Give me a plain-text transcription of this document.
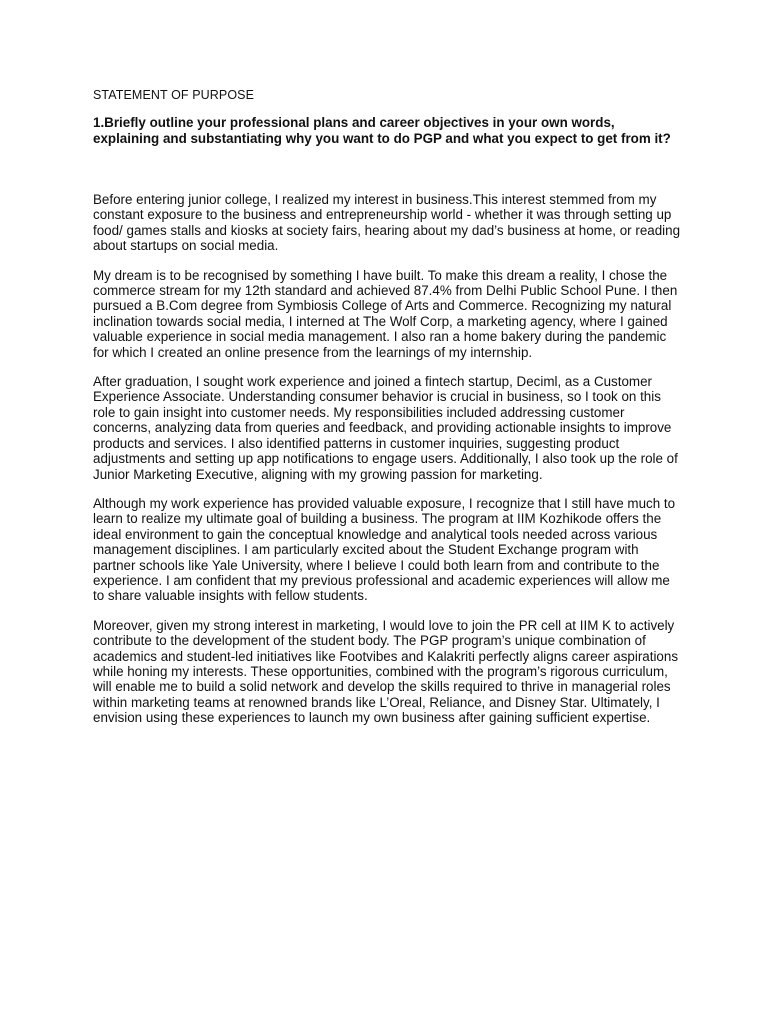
STATEMENT OF PURPOSE

1.Briefly outline your professional plans and career objectives in your own words, explaining and substantiating why you want to do PGP and what you expect to get from it?

Before entering junior college, I realized my interest in business.This interest stemmed from my constant exposure to the business and entrepreneurship world - whether it was through setting up food/ games stalls and kiosks at society fairs, hearing about my dad’s business at home, or reading about startups on social media.

My dream is to be recognised by something I have built. To make this dream a reality, I chose the commerce stream for my 12th standard and achieved 87.4% from Delhi Public School Pune. I then pursued a B.Com degree from Symbiosis College of Arts and Commerce. Recognizing my natural inclination towards social media, I interned at The Wolf Corp, a marketing agency, where I gained valuable experience in social media management. I also ran a home bakery during the pandemic for which I created an online presence from the learnings of my internship.

After graduation, I sought work experience and joined a fintech startup, Deciml, as a Customer Experience Associate. Understanding consumer behavior is crucial in business, so I took on this role to gain insight into customer needs. My responsibilities included addressing customer concerns, analyzing data from queries and feedback, and providing actionable insights to improve products and services. I also identified patterns in customer inquiries, suggesting product adjustments and setting up app notifications to engage users. Additionally, I also took up the role of Junior Marketing Executive, aligning with my growing passion for marketing.

Although my work experience has provided valuable exposure, I recognize that I still have much to learn to realize my ultimate goal of building a business. The program at IIM Kozhikode offers the ideal environment to gain the conceptual knowledge and analytical tools needed across various management disciplines. I am particularly excited about the Student Exchange program with partner schools like Yale University, where I believe I could both learn from and contribute to the experience. I am confident that my previous professional and academic experiences will allow me to share valuable insights with fellow students.

Moreover, given my strong interest in marketing, I would love to join the PR cell at IIM K to actively contribute to the development of the student body. The PGP program’s unique combination of academics and student-led initiatives like Footvibes and Kalakriti perfectly aligns career aspirations while honing my interests. These opportunities, combined with the program’s rigorous curriculum, will enable me to build a solid network and develop the skills required to thrive in managerial roles within marketing teams at renowned brands like L’Oreal, Reliance, and Disney Star. Ultimately, I envision using these experiences to launch my own business after gaining sufficient expertise.
